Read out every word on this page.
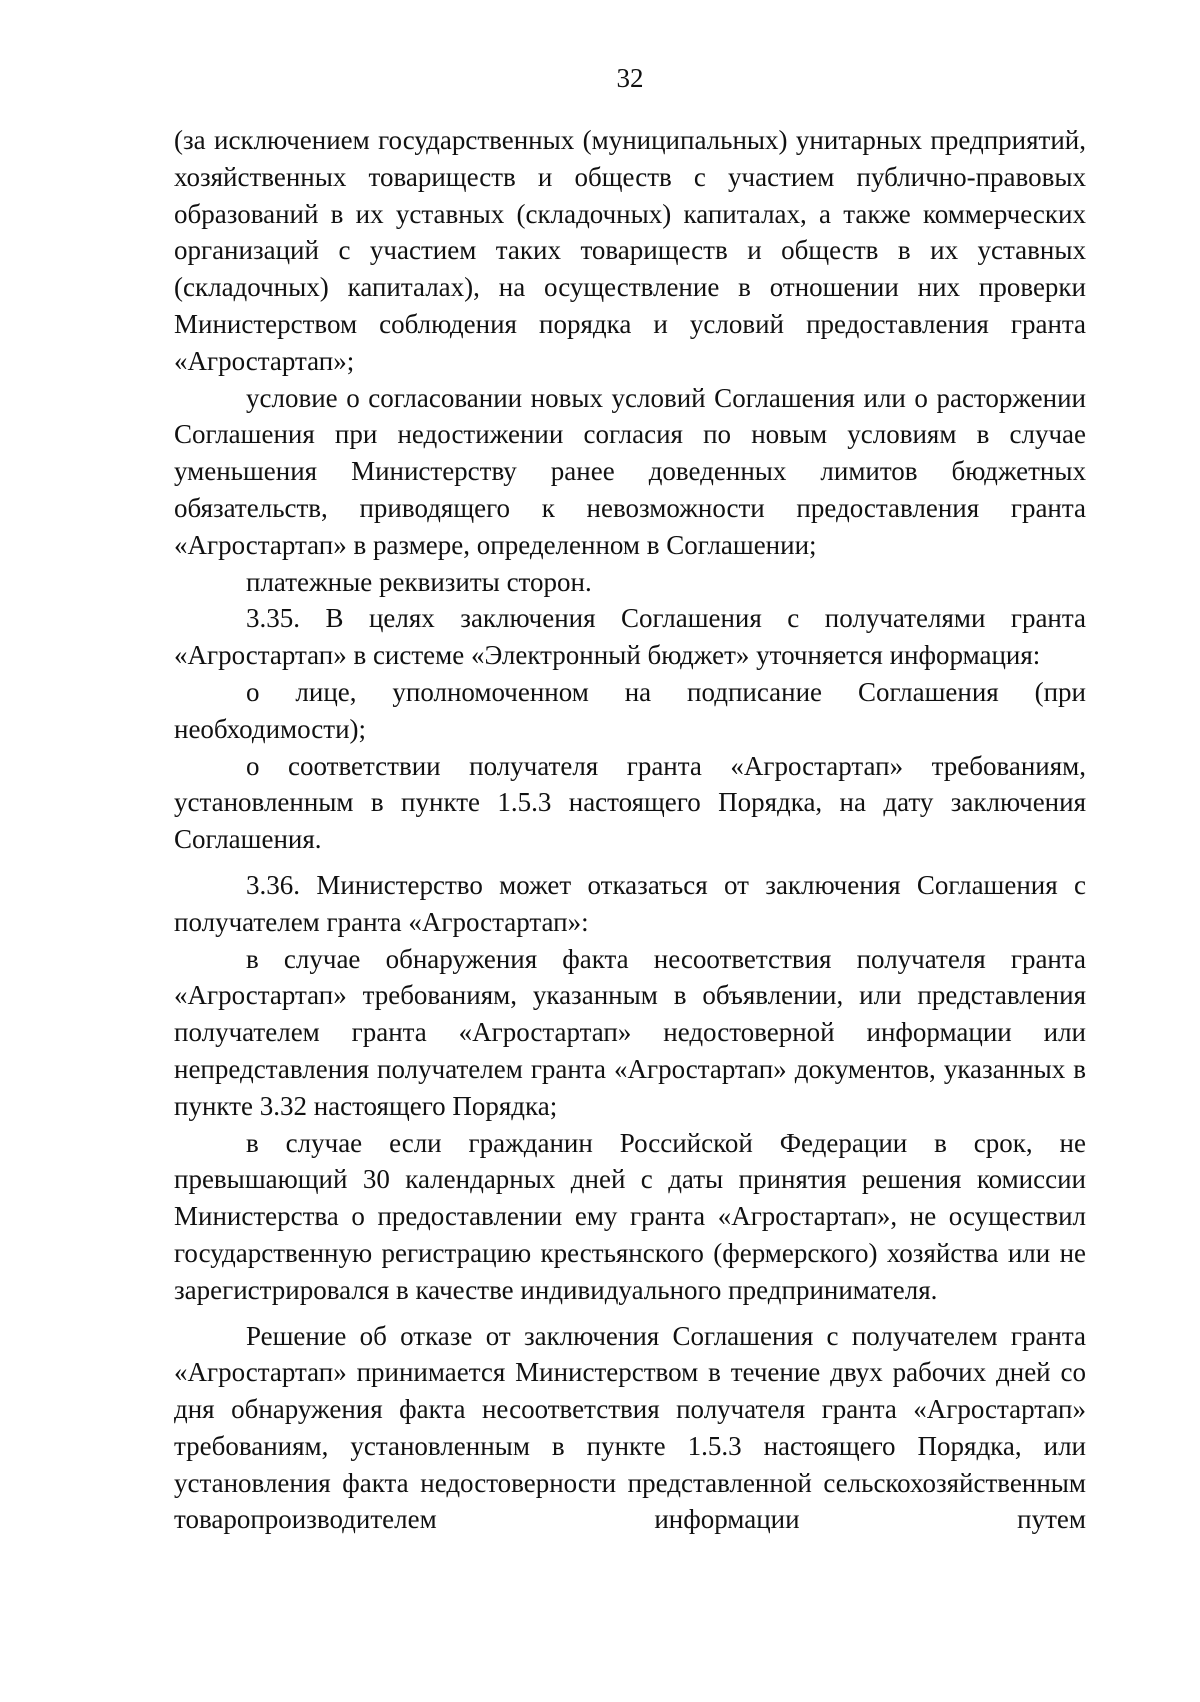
32

(за исключением государственных (муниципальных) унитарных предприятий, хозяйственных товариществ и обществ с участием публично-правовых образований в их уставных (складочных) капиталах, а также коммерческих организаций с участием таких товариществ и обществ в их уставных (складочных) капиталах), на осуществление в отношении них проверки Министерством соблюдения порядка и условий предоставления гранта «Агростартап»;

условие о согласовании новых условий Соглашения или о расторжении Соглашения при недостижении согласия по новым условиям в случае уменьшения Министерству ранее доведенных лимитов бюджетных обязательств, приводящего к невозможности предоставления гранта «Агростартап» в размере, определенном в Соглашении;

платежные реквизиты сторон.

3.35. В целях заключения Соглашения с получателями гранта «Агростартап» в системе «Электронный бюджет» уточняется информация:

о лице, уполномоченном на подписание Соглашения (при необходимости);

о соответствии получателя гранта «Агростартап» требованиям, установленным в пункте 1.5.3 настоящего Порядка, на дату заключения Соглашения.

3.36. Министерство может отказаться от заключения Соглашения с получателем гранта «Агростартап»:

в случае обнаружения факта несоответствия получателя гранта «Агростартап» требованиям, указанным в объявлении, или представления получателем гранта «Агростартап» недостоверной информации или непредставления получателем гранта «Агростартап» документов, указанных в пункте 3.32 настоящего Порядка;

в случае если гражданин Российской Федерации в срок, не превышающий 30 календарных дней с даты принятия решения комиссии Министерства о предоставлении ему гранта «Агростартап», не осуществил государственную регистрацию крестьянского (фермерского) хозяйства или не зарегистрировался в качестве индивидуального предпринимателя.

Решение об отказе от заключения Соглашения с получателем гранта «Агростартап» принимается Министерством в течение двух рабочих дней со дня обнаружения факта несоответствия получателя гранта «Агростартап» требованиям, установленным в пункте 1.5.3 настоящего Порядка, или установления факта недостоверности представленной сельскохозяйственным товаропроизводителем информации путем
